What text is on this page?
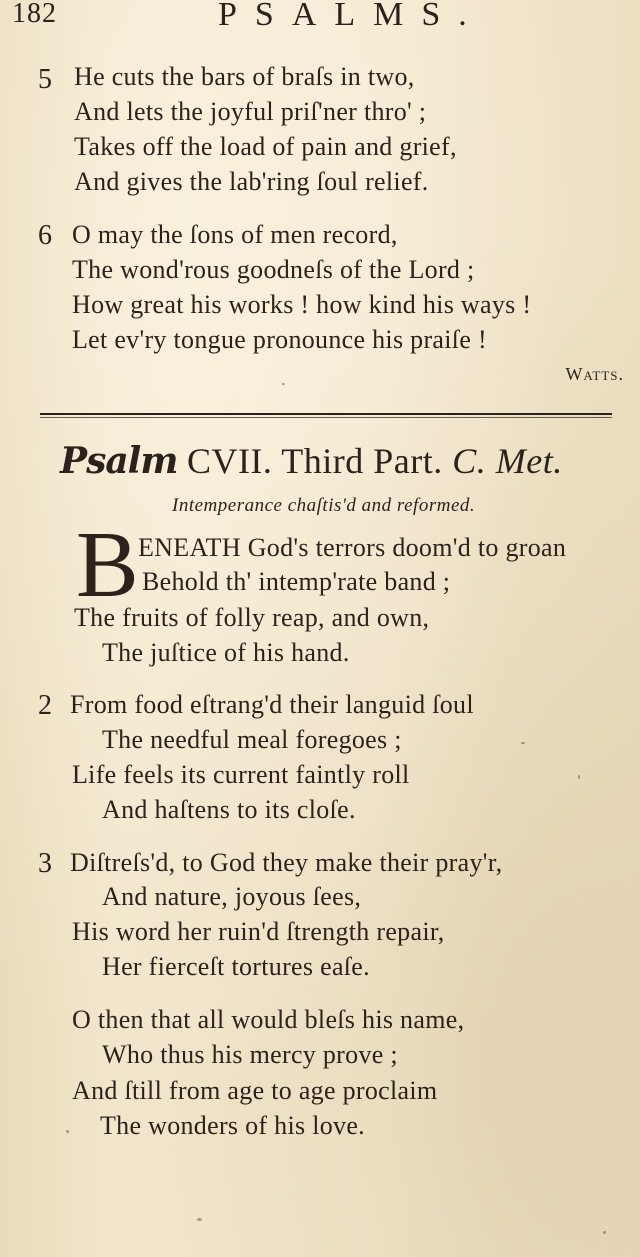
182	PSALMS.
5 He cuts the bars of braſs in two,
And lets the joyful priſ'ner thro' ;
Takes off the load of pain and grief,
And gives the lab'ring ſoul relief.
6 O may the ſons of men record,
The wond'rous goodneſs of the Lord ;
How great his works ! how kind his ways !
Let ev'ry tongue pronounce his praiſe !
Watts.
Psalm CVII. Third Part. C. Met.
Intemperance chaſtis'd and reformed.
B ENEATH God's terrors doom'd to groan
Behold th' intemp'rate band ;
The fruits of folly reap, and own,
The juſtice of his hand.
2 From food eſtrang'd their languid ſoul
The needful meal foregoes ;
Life feels its current faintly roll
And haſtens to its cloſe.
3 Diſtreſs'd, to God they make their pray'r,
And nature, joyous ſees,
His word her ruin'd ſtrength repair,
Her fierceſt tortures eaſe.
O then that all would bleſs his name,
Who thus his mercy prove ;
And ſtill from age to age proclaim
The wonders of his love.
